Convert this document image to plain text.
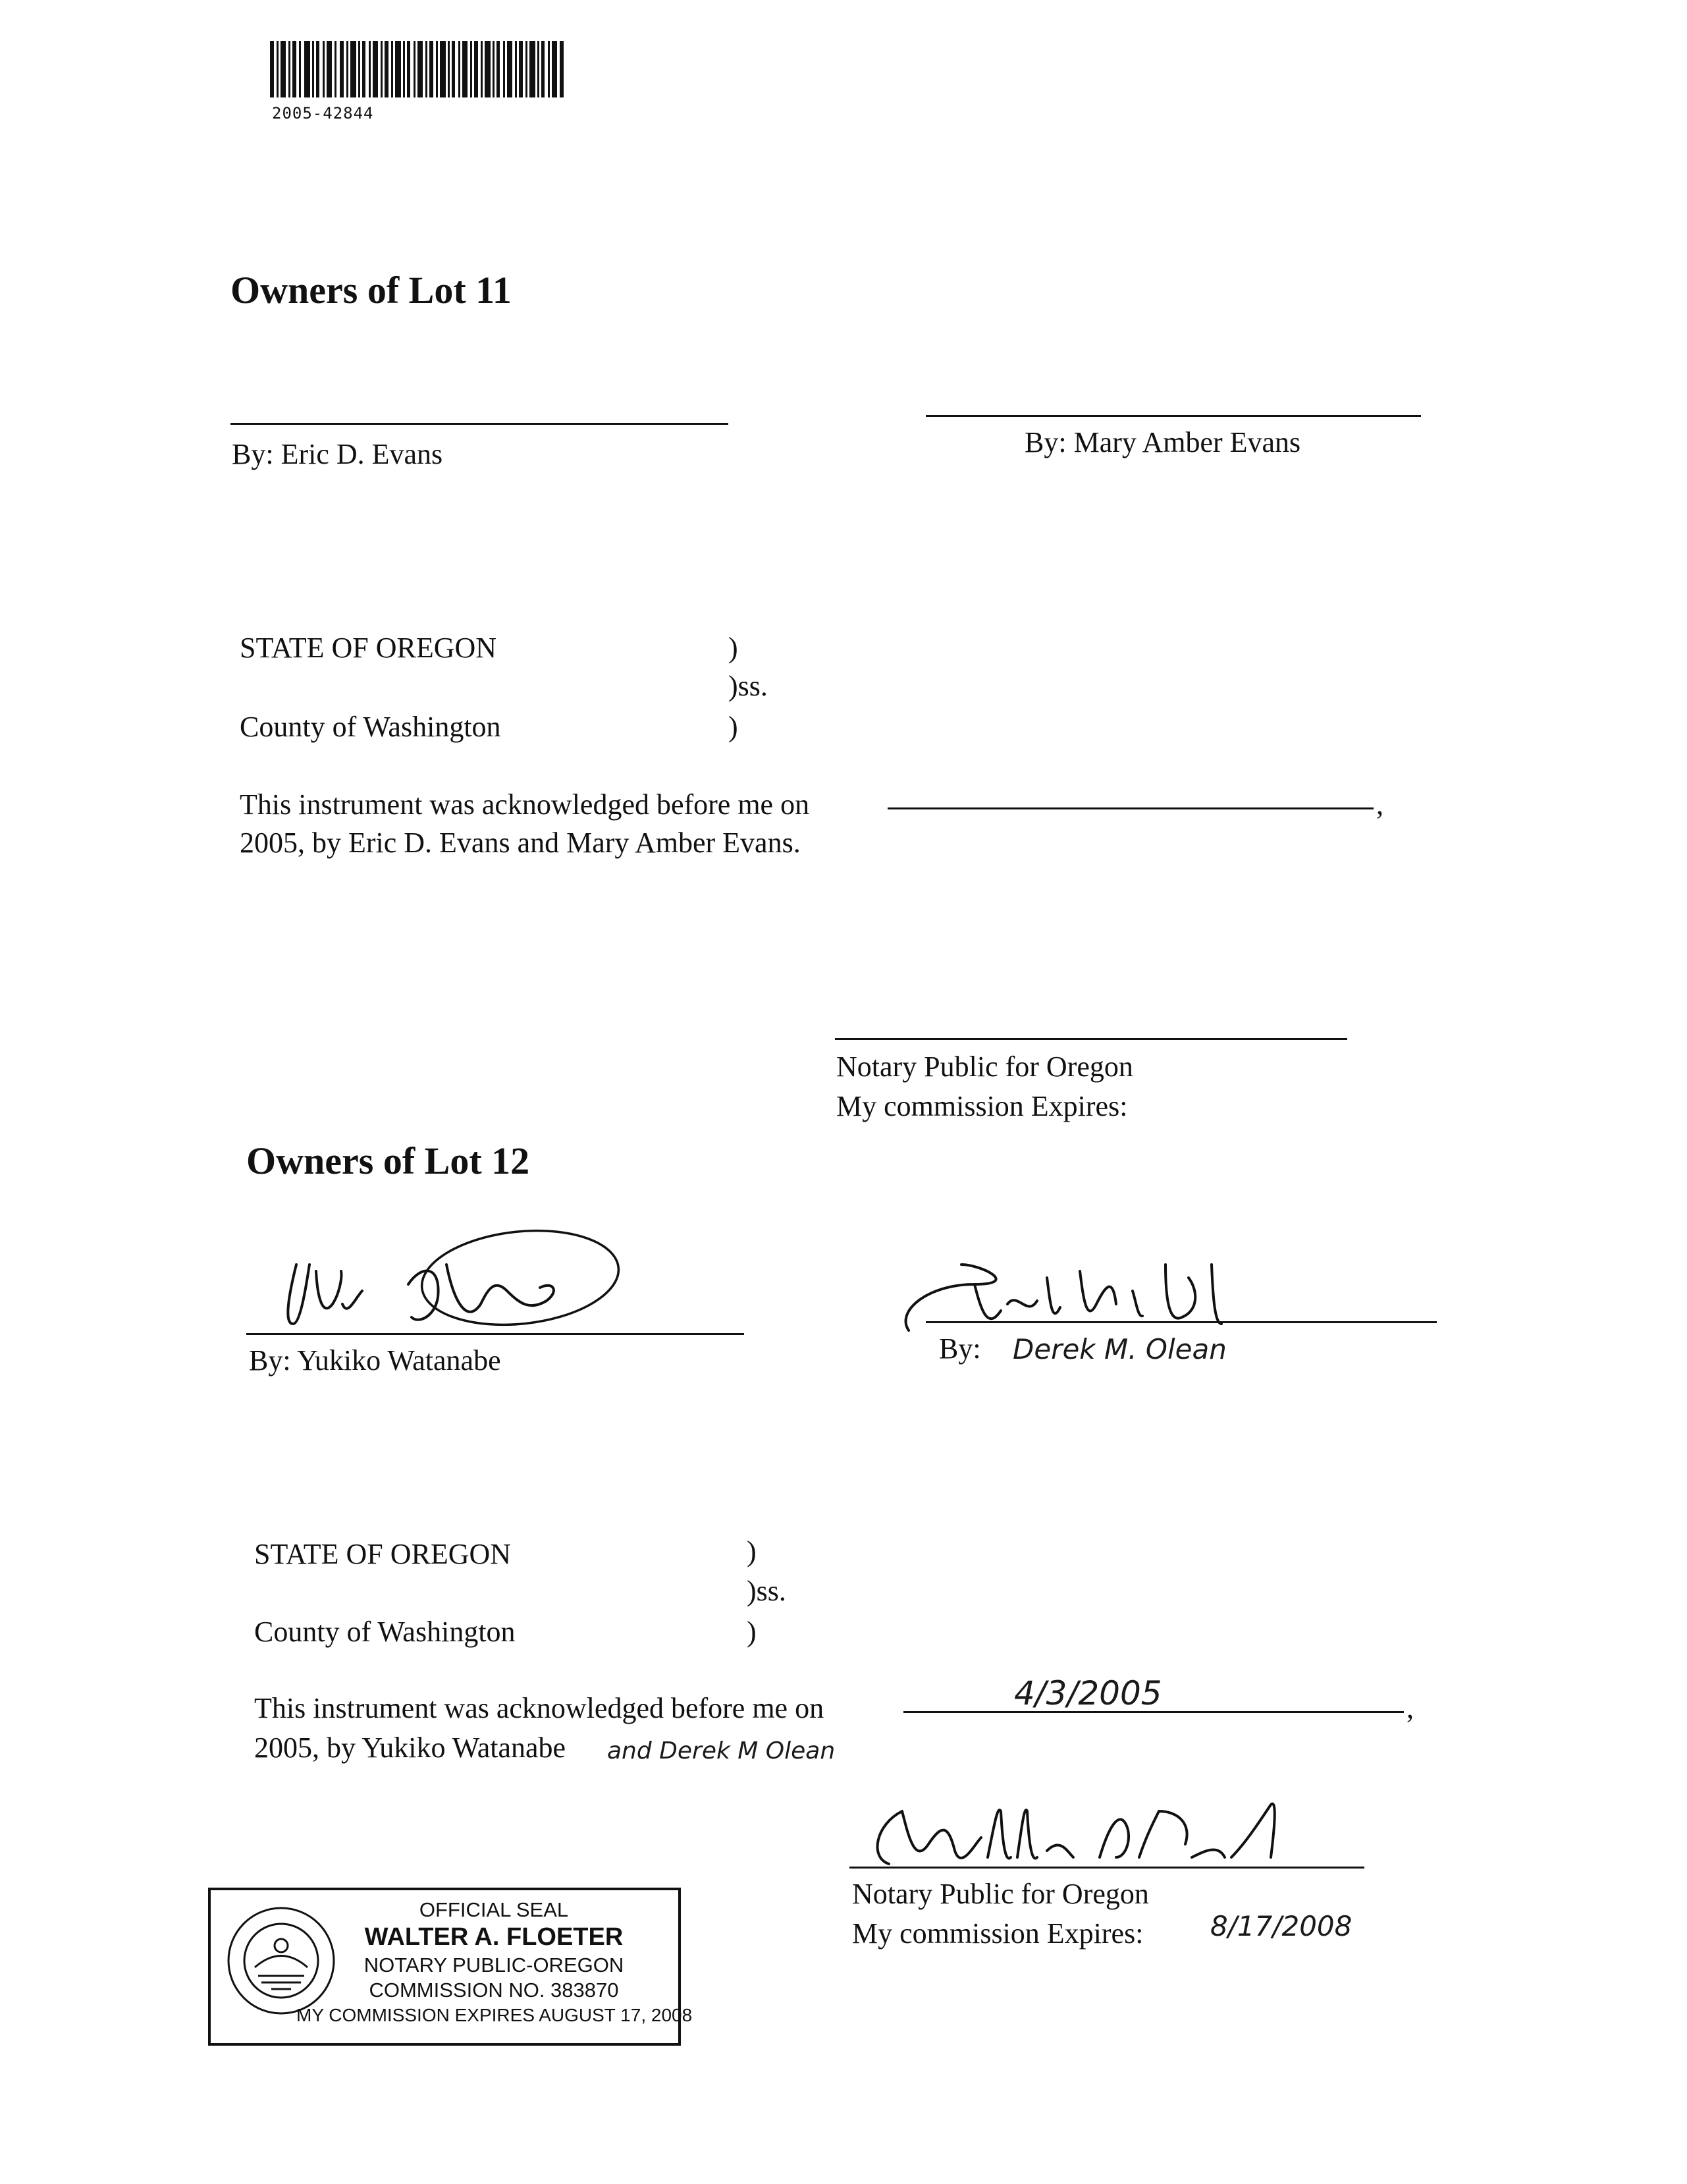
2005-42844
Owners of Lot 11
By: Eric D. Evans	By: Mary Amber Evans
STATE OF OREGON	)
)ss.
County of Washington	)
This instrument was acknowledged before me on	,
2005, by Eric D. Evans and Mary Amber Evans.
Notary Public for Oregon
My commission Expires:
Owners of Lot 12
By: Yukiko Watanabe	By: Derek M. Olean
STATE OF OREGON	)
)ss.
County of Washington	)
This instrument was acknowledged before me on	4/3/2005	,
2005, by Yukiko Watanabe and Derek M Olean
Notary Public for Oregon
My commission Expires: 8/17/2008
OFFICIAL SEAL
WALTER A. FLOETER
NOTARY PUBLIC-OREGON
COMMISSION NO. 383870
MY COMMISSION EXPIRES AUGUST 17, 2008
